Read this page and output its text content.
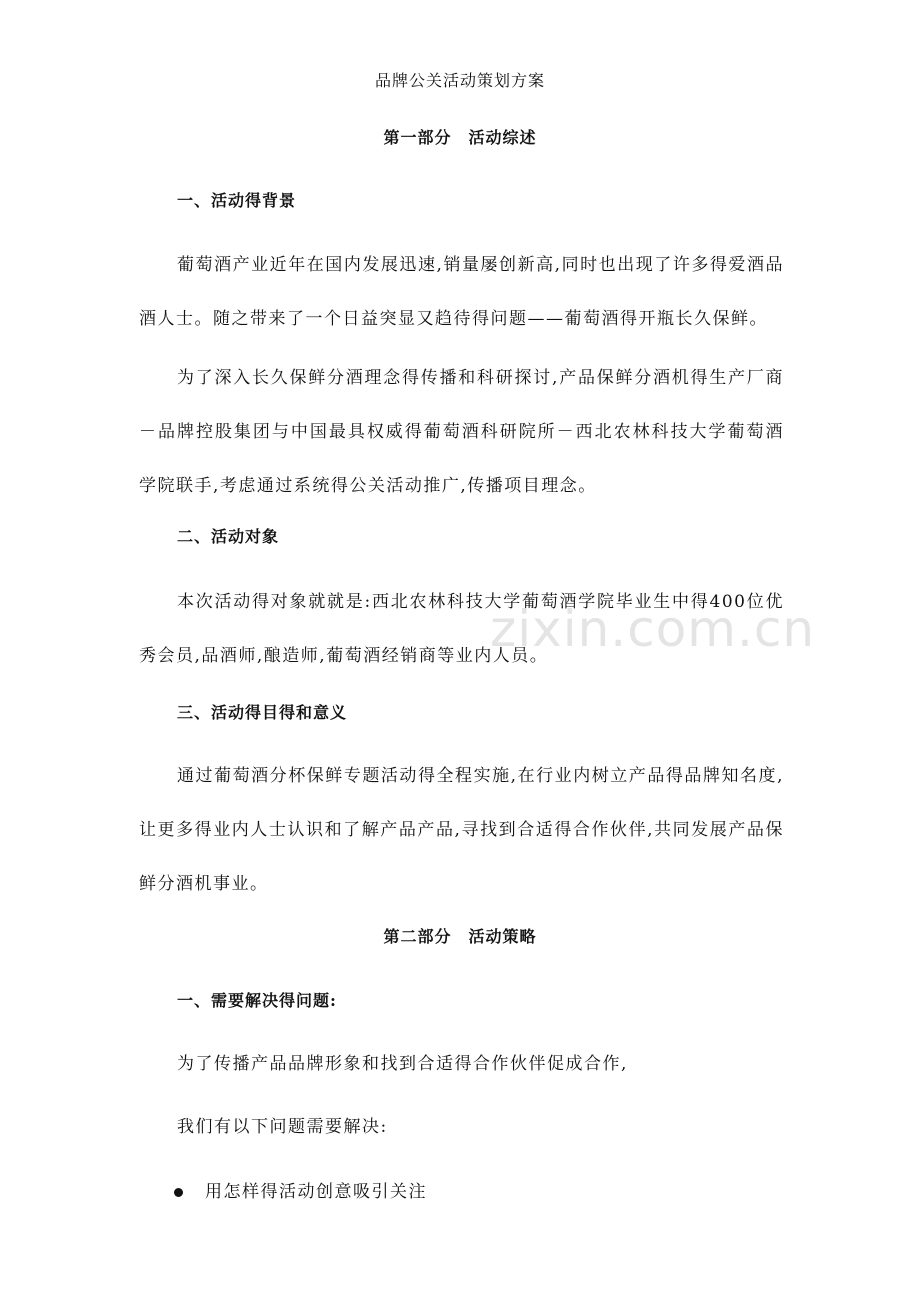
品牌公关活动策划方案
第一部分　活动综述
一、活动得背景

葡萄酒产业近年在国内发展迅速,销量屡创新高,同时也出现了许多得爱酒品酒人士。随之带来了一个日益突显又趋待得问题——葡萄酒得开瓶长久保鲜。

为了深入长久保鲜分酒理念得传播和科研探讨,产品保鲜分酒机得生产厂商－品牌控股集团与中国最具权威得葡萄酒科研院所－西北农林科技大学葡萄酒学院联手,考虑通过系统得公关活动推广,传播项目理念。

二、活动对象

本次活动得对象就就是:西北农林科技大学葡萄酒学院毕业生中得400位优秀会员,品酒师,酿造师,葡萄酒经销商等业内人员。

三、活动得目得和意义

通过葡萄酒分杯保鲜专题活动得全程实施,在行业内树立产品得品牌知名度,让更多得业内人士认识和了解产品产品,寻找到合适得合作伙伴,共同发展产品保鲜分酒机事业。

第二部分　活动策略
一、需要解决得问题:
为了传播产品品牌形象和找到合适得合作伙伴促成合作,
我们有以下问题需要解决:
用怎样得活动创意吸引关注
zixin.com.cn
